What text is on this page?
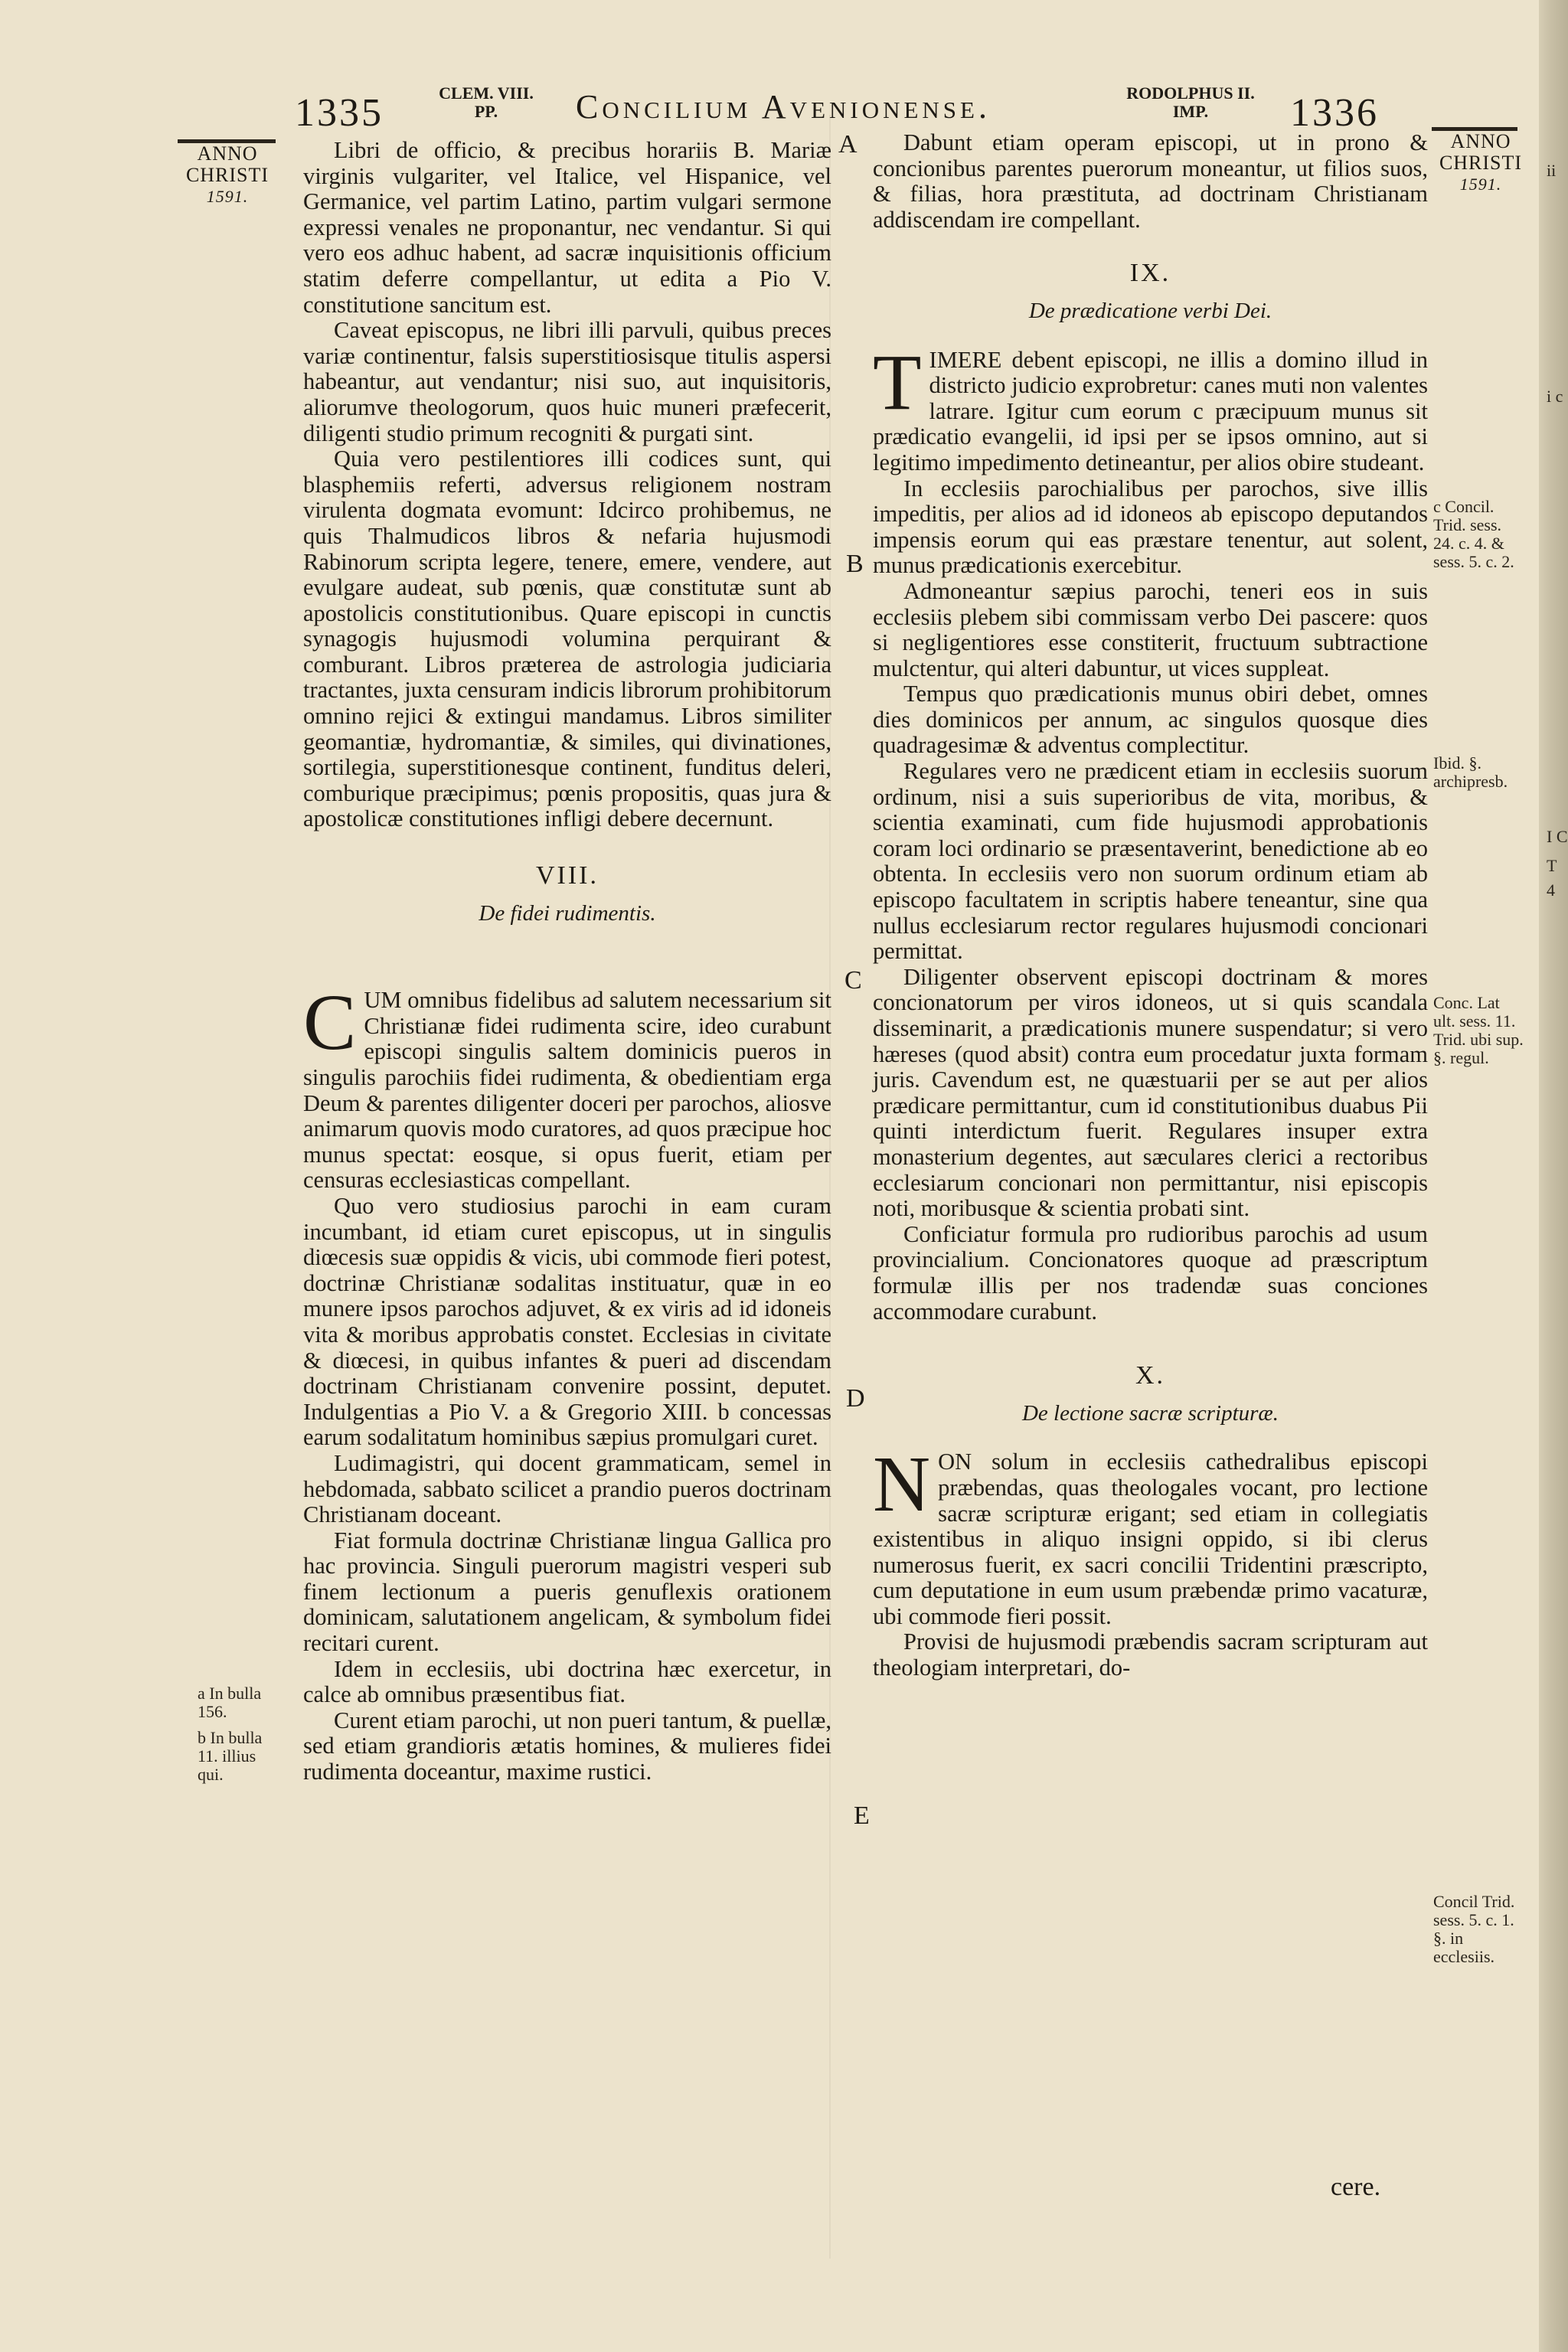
ii
i c
I C
T
4
1335	CLEM. VIII.
PP.	Concilium Avenionense.	RODOLPHUS II.
IMP.	1336
ANNO
CHRISTI
1591.
ANNO
CHRISTI
1591.
A
B
C
D
E

Libri de officio, & precibus horariis B. Mariæ virginis vulgariter, vel Italice, vel Hispanice, vel Germanice, vel partim Latino, partim vulgari sermone expressi venales ne proponantur, nec vendantur. Si qui vero eos adhuc habent, ad sacræ inquisitionis officium statim deferre compellantur, ut edita a Pio V. constitutione sancitum est.

Caveat episcopus, ne libri illi parvuli, quibus preces variæ continentur, falsis superstitiosisque titulis aspersi habeantur, aut vendantur; nisi suo, aut inquisitoris, aliorumve theologorum, quos huic muneri præfecerit, diligenti studio primum recogniti & purgati sint.

Quia vero pestilentiores illi codices sunt, qui blasphemiis referti, adversus religionem nostram virulenta dogmata evomunt: Idcirco prohibemus, ne quis Thalmudicos libros & nefaria hujusmodi Rabinorum scripta legere, tenere, emere, vendere, aut evulgare audeat, sub pœnis, quæ constitutæ sunt ab apostolicis constitutionibus. Quare episcopi in cunctis synagogis hujusmodi volumina perquirant & comburant. Libros præterea de astrologia judiciaria tractantes, juxta censuram indicis librorum prohibitorum omnino rejici & extingui mandamus. Libros similiter geomantiæ, hydromantiæ, & similes, qui divinationes, sortilegia, superstitionesque continent, funditus deleri, comburique præcipimus; pœnis propositis, quas jura & apostolicæ constitutiones infligi debere decernunt.

VIII.
De fidei rudimentis.

CUM omnibus fidelibus ad salutem necessarium sit Christianæ fidei rudimenta scire, ideo curabunt episcopi singulis saltem dominicis pueros in singulis parochiis fidei rudimenta, & obedientiam erga Deum & parentes diligenter doceri per parochos, aliosve animarum quovis modo curatores, ad quos præcipue hoc munus spectat: eosque, si opus fuerit, etiam per censuras ecclesiasticas compellant.

Quo vero studiosius parochi in eam curam incumbant, id etiam curet episcopus, ut in singulis diœcesis suæ oppidis & vicis, ubi commode fieri potest, doctrinæ Christianæ sodalitas instituatur, quæ in eo munere ipsos parochos adjuvet, & ex viris ad id idoneis vita & moribus approbatis constet. Ecclesias in civitate & diœcesi, in quibus infantes & pueri ad discendam doctrinam Christianam convenire possint, deputet. Indulgentias a Pio V. a & Gregorio XIII. b concessas earum sodalitatum hominibus sæpius promulgari curet.

Ludimagistri, qui docent grammaticam, semel in hebdomada, sabbato scilicet a prandio pueros doctrinam Christianam doceant.

Fiat formula doctrinæ Christianæ lingua Gallica pro hac provincia. Singuli puerorum magistri vesperi sub finem lectionum a pueris genuflexis orationem dominicam, salutationem angelicam, & symbolum fidei recitari curent.

Idem in ecclesiis, ubi doctrina hæc exercetur, in calce ab omnibus præsentibus fiat.

Curent etiam parochi, ut non pueri tantum, & puellæ, sed etiam grandioris ætatis homines, & mulieres fidei rudimenta doceantur, maxime rustici.

a In bulla 156.
b In bulla 11. illius qui.

Dabunt etiam operam episcopi, ut in prono & concionibus parentes puerorum moneantur, ut filios suos, & filias, hora præstituta, ad doctrinam Christianam addiscendam ire compellant.

IX.
De prædicatione verbi Dei.

TIMERE debent episcopi, ne illis a domino illud in districto judicio exprobretur: canes muti non valentes latrare. Igitur cum eorum c præcipuum munus sit prædicatio evangelii, id ipsi per se ipsos omnino, aut si legitimo impedimento detineantur, per alios obire studeant.

In ecclesiis parochialibus per parochos, sive illis impeditis, per alios ad id idoneos ab episcopo deputandos impensis eorum qui eas præstare tenentur, aut solent, munus prædicationis exercebitur.

Admoneantur sæpius parochi, teneri eos in suis ecclesiis plebem sibi commissam verbo Dei pascere: quos si negligentiores esse constiterit, fructuum subtractione mulctentur, qui alteri dabuntur, ut vices suppleat.

Tempus quo prædicationis munus obiri debet, omnes dies dominicos per annum, ac singulos quosque dies quadragesimæ & adventus complectitur.

Regulares vero ne prædicent etiam in ecclesiis suorum ordinum, nisi a suis superioribus de vita, moribus, & scientia examinati, cum fide hujusmodi approbationis coram loci ordinario se præsentaverint, benedictione ab eo obtenta. In ecclesiis vero non suorum ordinum etiam ab episcopo facultatem in scriptis habere teneantur, sine qua nullus ecclesiarum rector regulares hujusmodi concionari permittat.

Diligenter observent episcopi doctrinam & mores concionatorum per viros idoneos, ut si quis scandala disseminarit, a prædicationis munere suspendatur; si vero hæreses (quod absit) contra eum procedatur juxta formam juris. Cavendum est, ne quæstuarii per se aut per alios prædicare permittantur, cum id constitutionibus duabus Pii quinti interdictum fuerit. Regulares insuper extra monasterium degentes, aut sæculares clerici a rectoribus ecclesiarum concionari non permittantur, nisi episcopis noti, moribusque & scientia probati sint.

Conficiatur formula pro rudioribus parochis ad usum provincialium. Concionatores quoque ad præscriptum formulæ illis per nos tradendæ suas conciones accommodare curabunt.

X.
De lectione sacræ scripturæ.

NON solum in ecclesiis cathedralibus episcopi præbendas, quas theologales vocant, pro lectione sacræ scripturæ erigant; sed etiam in collegiatis existentibus in aliquo insigni oppido, si ibi clerus numerosus fuerit, ex sacri concilii Tridentini præscripto, cum deputatione in eum usum præbendæ primo vacaturæ, ubi commode fieri possit.

Provisi de hujusmodi præbendis sacram scripturam aut theologiam interpretari, do-

cere.
c Concil. Trid. sess. 24. c. 4. & sess. 5. c. 2.
Ibid. §. archipresb.
Conc. Lat ult. sess. 11. Trid. ubi sup. §. regul.
Concil Trid. sess. 5. c. 1. §. in ecclesiis.
